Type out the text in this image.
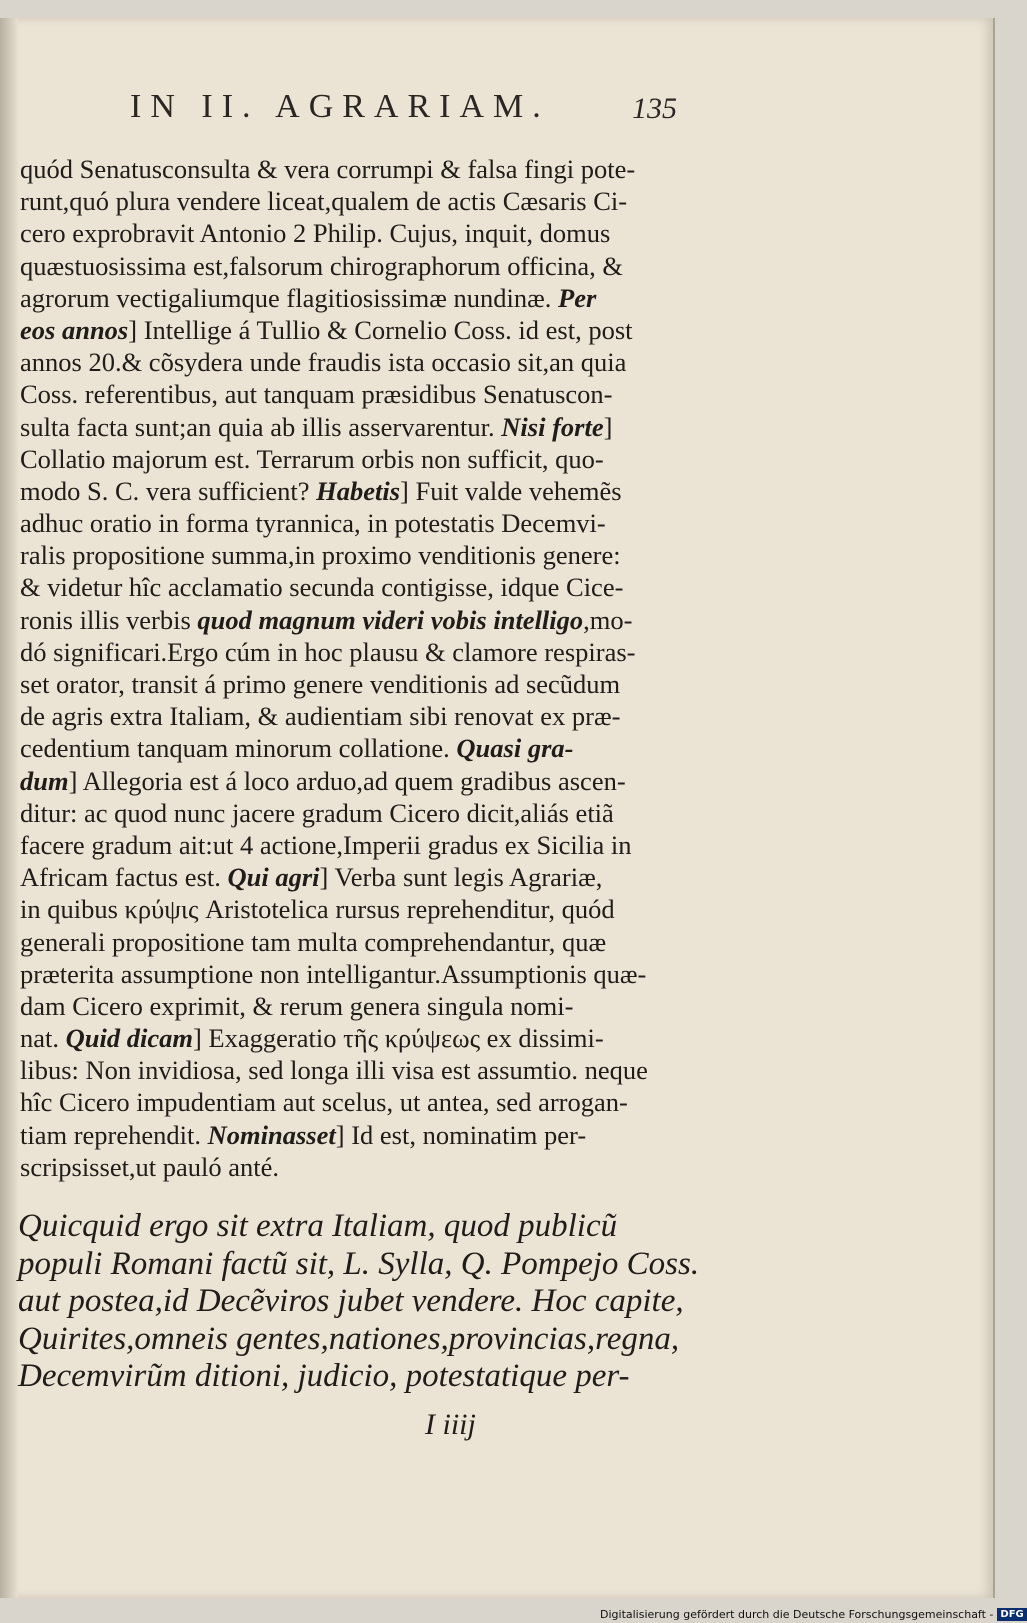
IN II. AGRARIAM.	135
quód Senatusconsulta & vera corrumpi & falsa fingi pote-
runt,quó plura vendere liceat,qualem de actis Cæsaris Ci-
cero exprobravit Antonio 2 Philip. Cujus, inquit, domus
quæstuosissima est,falsorum chirographorum officina, &
agrorum vectigaliumque flagitiosissimæ nundinæ. Per
eos annos] Intellige á Tullio & Cornelio Coss. id est, post
annos 20.& cõsydera unde fraudis ista occasio sit,an quia
Coss. referentibus, aut tanquam præsidibus Senatuscon-
sulta facta sunt;an quia ab illis asservarentur. Nisi forte]
Collatio majorum est. Terrarum orbis non sufficit, quo-
modo S. C. vera sufficient? Habetis] Fuit valde vehemẽs
adhuc oratio in forma tyrannica, in potestatis Decemvi-
ralis propositione summa,in proximo venditionis genere:
& videtur hîc acclamatio secunda contigisse, idque Cice-
ronis illis verbis quod magnum videri vobis intelligo,mo-
dó significari.Ergo cúm in hoc plausu & clamore respiras-
set orator, transit á primo genere venditionis ad secũdum
de agris extra Italiam, & audientiam sibi renovat ex præ-
cedentium tanquam minorum collatione. Quasi gra-
dum] Allegoria est á loco arduo,ad quem gradibus ascen-
ditur: ac quod nunc jacere gradum Cicero dicit,aliás etiã
facere gradum ait:ut 4 actione,Imperii gradus ex Sicilia in
Africam factus est. Qui agri] Verba sunt legis Agrariæ,
in quibus κρύψις Aristotelica rursus reprehenditur, quód
generali propositione tam multa comprehendantur, quæ
præterita assumptione non intelligantur.Assumptionis quæ-
dam Cicero exprimit, & rerum genera singula nomi-
nat. Quid dicam] Exaggeratio τῆς κρύψεως ex dissimi-
libus: Non invidiosa, sed longa illi visa est assumtio. neque
hîc Cicero impudentiam aut scelus, ut antea, sed arrogan-
tiam reprehendit. Nominasset] Id est, nominatim per-
scripsisset,ut pauló anté.
Quicquid ergo sit extra Italiam, quod publicũ
populi Romani factũ sit, L. Sylla, Q. Pompejo Coss.
aut postea,id Decẽviros jubet vendere. Hoc capite,
Quirites,omneis gentes,nationes,provincias,regna,
Decemvirũm ditioni, judicio, potestatique per-
I iiij
Digitalisierung gefördert durch die Deutsche Forschungsgemeinschaft - DFG
